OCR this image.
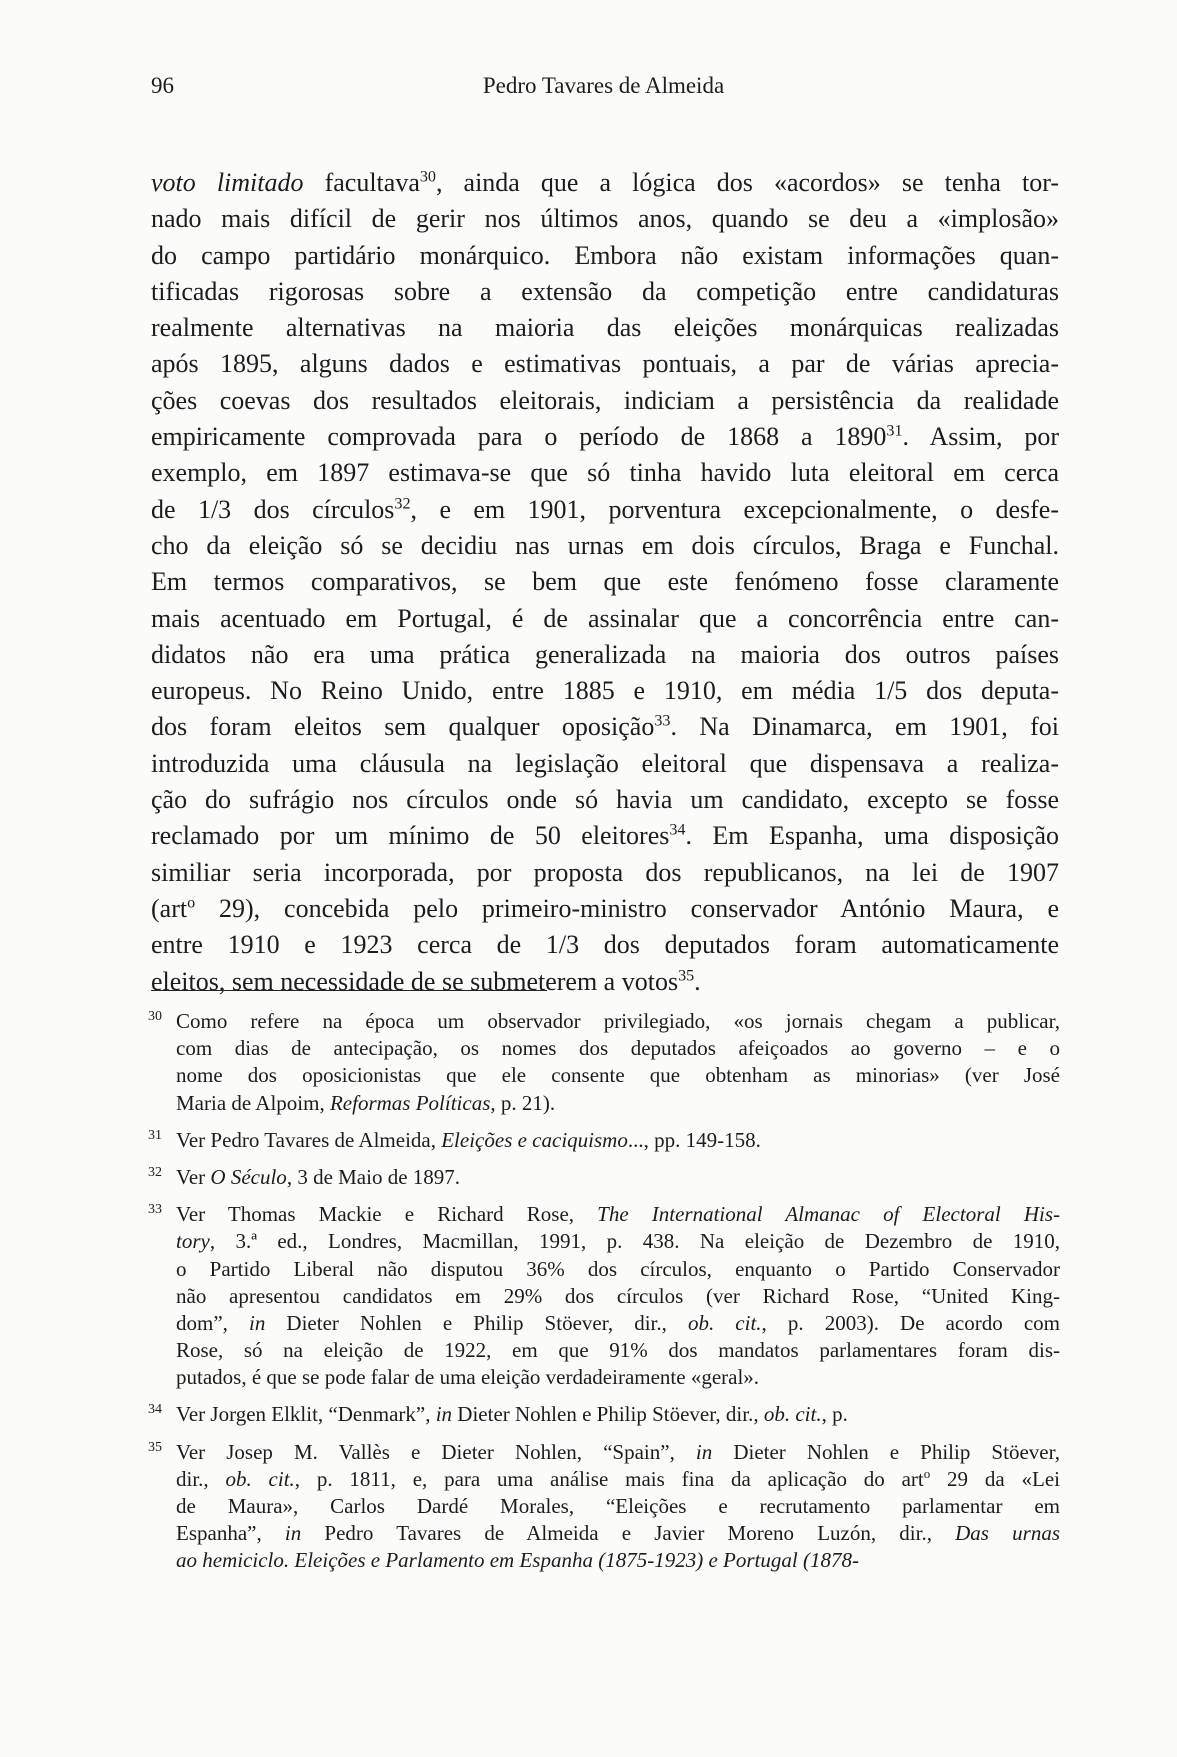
96	Pedro Tavares de Almeida
voto limitado facultava$^{30}$, ainda que a lógica dos «acordos» se tenha tor-
nado mais difícil de gerir nos últimos anos, quando se deu a «implosão»
do campo partidário monárquico. Embora não existam informações quan-
tificadas rigorosas sobre a extensão da competição entre candidaturas
realmente alternativas na maioria das eleições monárquicas realizadas
após 1895, alguns dados e estimativas pontuais, a par de várias aprecia-
ções coevas dos resultados eleitorais, indiciam a persistência da realidade
empiricamente comprovada para o período de 1868 a 1890$^{31}$. Assim, por
exemplo, em 1897 estimava-se que só tinha havido luta eleitoral em cerca
de 1/3 dos círculos$^{32}$, e em 1901, porventura excepcionalmente, o desfe-
cho da eleição só se decidiu nas urnas em dois círculos, Braga e Funchal.
Em termos comparativos, se bem que este fenómeno fosse claramente
mais acentuado em Portugal, é de assinalar que a concorrência entre can-
didatos não era uma prática generalizada na maioria dos outros países
europeus. No Reino Unido, entre 1885 e 1910, em média 1/5 dos deputa-
dos foram eleitos sem qualquer oposição$^{33}$. Na Dinamarca, em 1901, foi
introduzida uma cláusula na legislação eleitoral que dispensava a realiza-
ção do sufrágio nos círculos onde só havia um candidato, excepto se fosse
reclamado por um mínimo de 50 eleitores$^{34}$. Em Espanha, uma disposição
similiar seria incorporada, por proposta dos republicanos, na lei de 1907
(art$^o$ 29), concebida pelo primeiro-ministro conservador António Maura, e
entre 1910 e 1923 cerca de 1/3 dos deputados foram automaticamente
eleitos, sem necessidade de se submeterem a votos$^{35}$.
30 Como refere na época um observador privilegiado, «os jornais chegam a publicar,
com dias de antecipação, os nomes dos deputados afeiçoados ao governo – e o
nome dos oposicionistas que ele consente que obtenham as minorias» (ver José
Maria de Alpoim, Reformas Políticas, p. 21).
31 Ver Pedro Tavares de Almeida, Eleições e caciquismo..., pp. 149-158.
32 Ver O Século, 3 de Maio de 1897.
33 Ver Thomas Mackie e Richard Rose, The International Almanac of Electoral His-
tory, 3.ª ed., Londres, Macmillan, 1991, p. 438. Na eleição de Dezembro de 1910,
o Partido Liberal não disputou 36% dos círculos, enquanto o Partido Conservador
não apresentou candidatos em 29% dos círculos (ver Richard Rose, “United King-
dom”, in Dieter Nohlen e Philip Stöever, dir., ob. cit., p. 2003). De acordo com
Rose, só na eleição de 1922, em que 91% dos mandatos parlamentares foram dis-
putados, é que se pode falar de uma eleição verdadeiramente «geral».
34 Ver Jorgen Elklit, “Denmark”, in Dieter Nohlen e Philip Stöever, dir., ob. cit., p.
35 Ver Josep M. Vallès e Dieter Nohlen, “Spain”, in Dieter Nohlen e Philip Stöever,
dir., ob. cit., p. 1811, e, para uma análise mais fina da aplicação do art$^o$ 29 da «Lei
de Maura», Carlos Dardé Morales, “Eleições e recrutamento parlamentar em
Espanha”, in Pedro Tavares de Almeida e Javier Moreno Luzón, dir., Das urnas
ao hemiciclo. Eleições e Parlamento em Espanha (1875-1923) e Portugal (1878-
